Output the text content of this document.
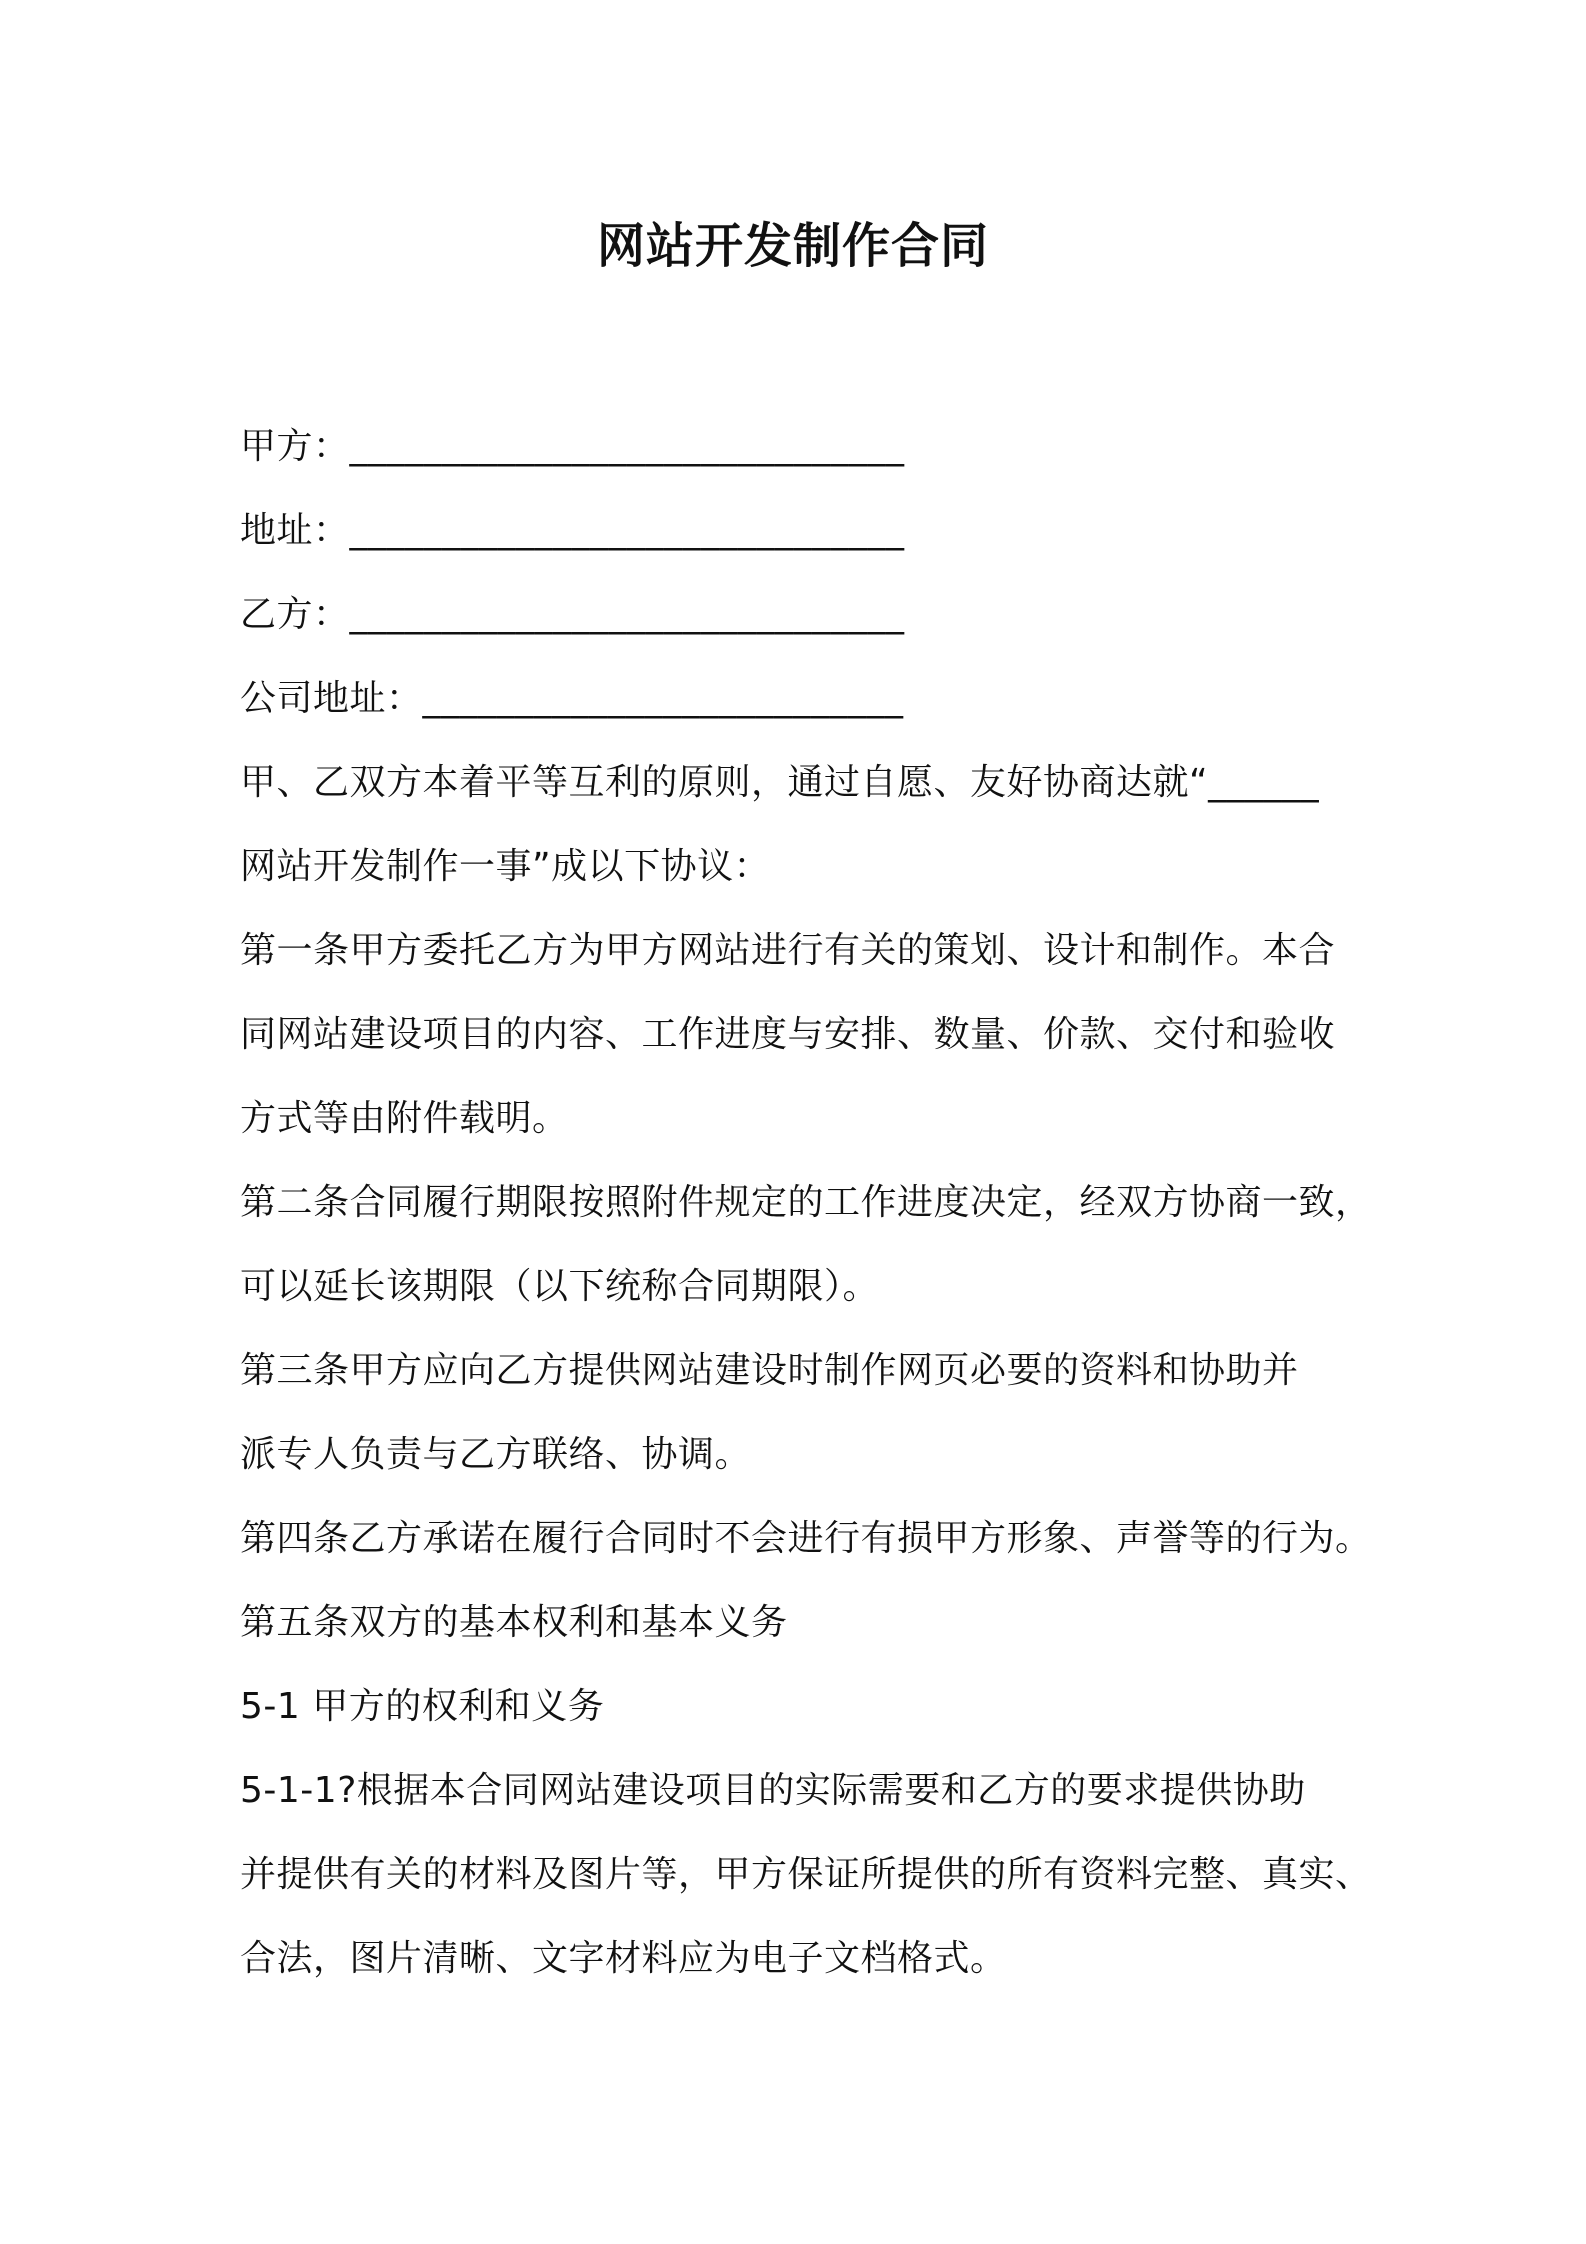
网站开发制作合同
甲方：______________________________
地址：______________________________
乙方：______________________________
公司地址：__________________________
甲、乙双方本着平等互利的原则，通过自愿、友好协商达就“______
网站开发制作一事”成以下协议：
第一条甲方委托乙方为甲方网站进行有关的策划、设计和制作。本合
同网站建设项目的内容、工作进度与安排、数量、价款、交付和验收
方式等由附件载明。
第二条合同履行期限按照附件规定的工作进度决定，经双方协商一致，
可以延长该期限（以下统称合同期限）。
第三条甲方应向乙方提供网站建设时制作网页必要的资料和协助并
派专人负责与乙方联络、协调。
第四条乙方承诺在履行合同时不会进行有损甲方形象、声誉等的行为。
第五条双方的基本权利和基本义务
5-1 甲方的权利和义务
5-1-1?根据本合同网站建设项目的实际需要和乙方的要求提供协助
并提供有关的材料及图片等，甲方保证所提供的所有资料完整、真实、
合法，图片清晰、文字材料应为电子文档格式。
